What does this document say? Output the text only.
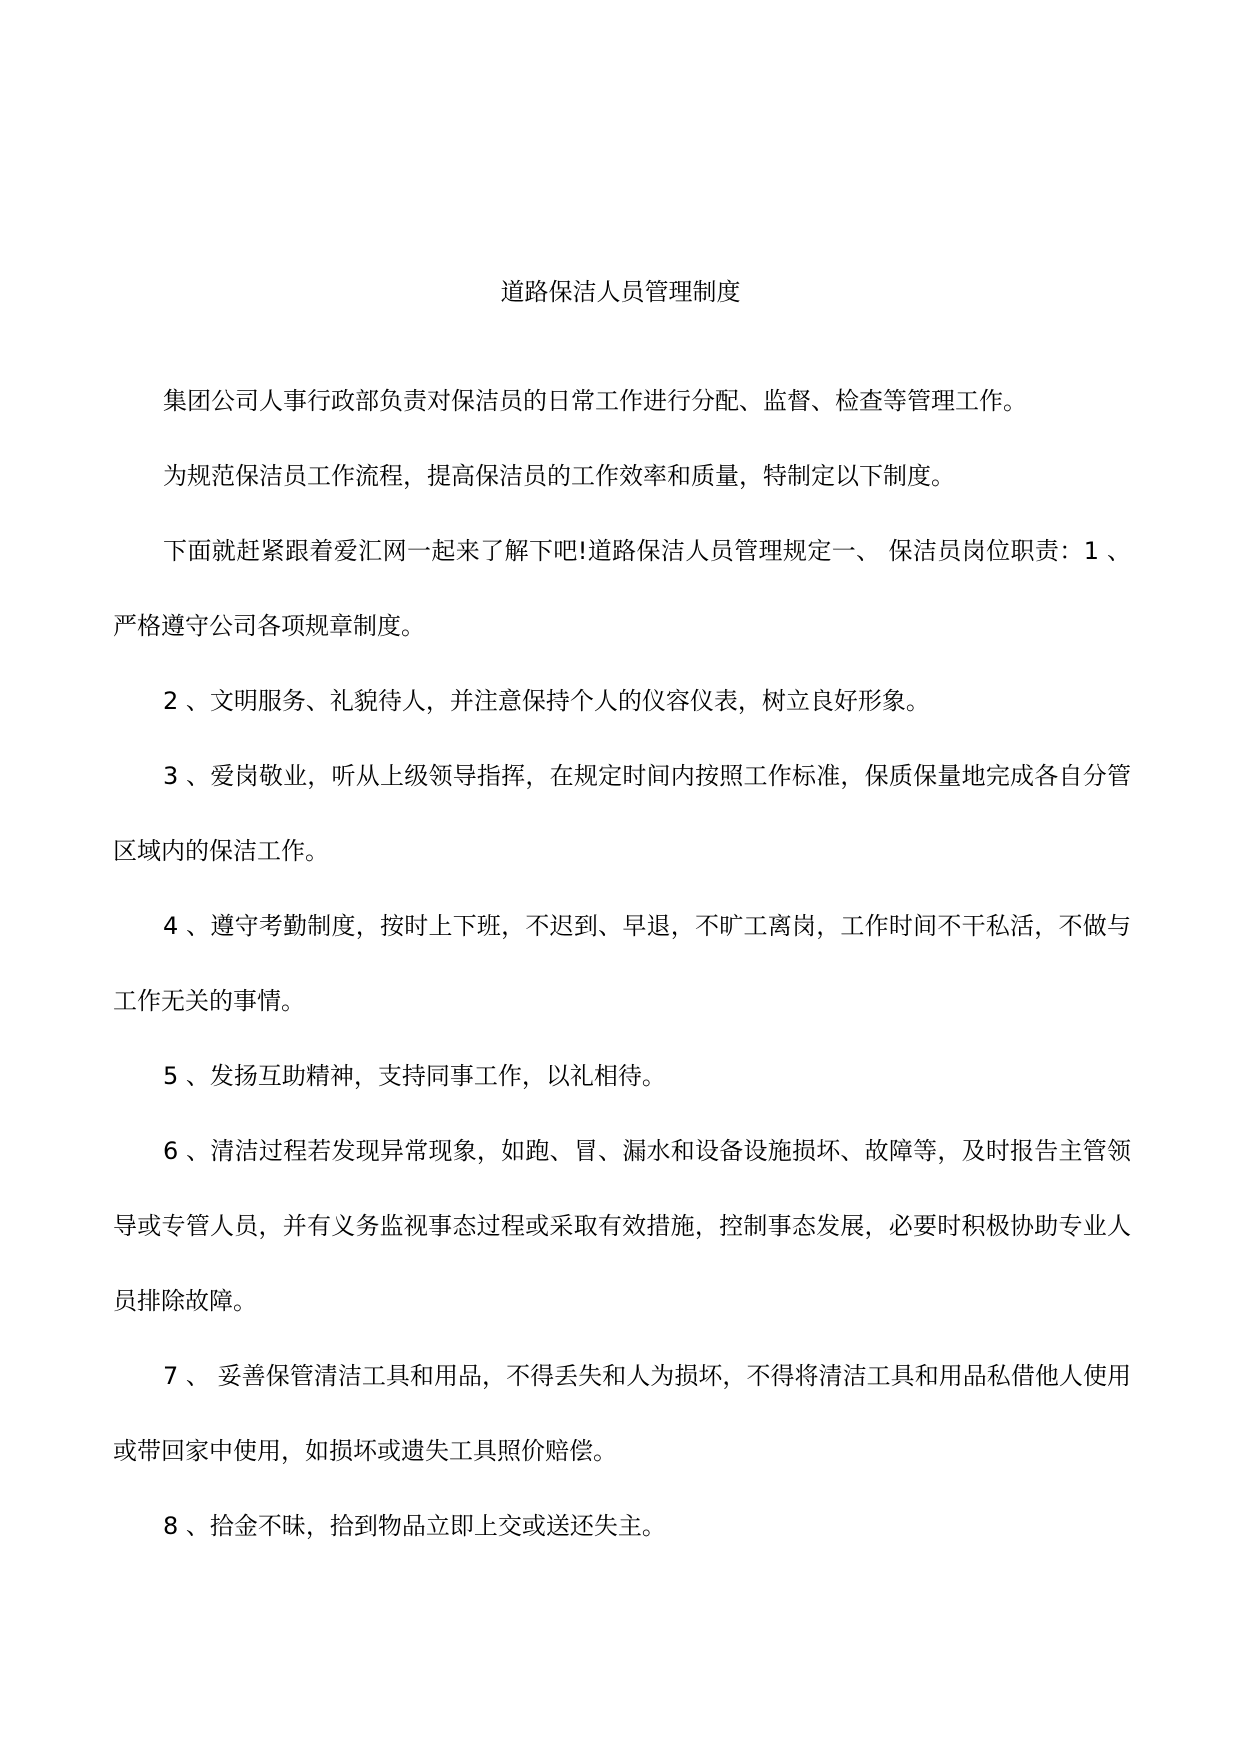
道路保洁人员管理制度

集团公司人事行政部负责对保洁员的日常工作进行分配、监督、检查等管理工作。

为规范保洁员工作流程，提高保洁员的工作效率和质量，特制定以下制度。

下面就赶紧跟着爱汇网一起来了解下吧!道路保洁人员管理规定一、 保洁员岗位职责：1 、严格遵守公司各项规章制度。

2 、文明服务、礼貌待人，并注意保持个人的仪容仪表，树立良好形象。

3 、爱岗敬业，听从上级领导指挥，在规定时间内按照工作标准，保质保量地完成各自分管区域内的保洁工作。

4 、遵守考勤制度，按时上下班，不迟到、早退，不旷工离岗，工作时间不干私活，不做与工作无关的事情。

5 、发扬互助精神，支持同事工作，以礼相待。

6 、清洁过程若发现异常现象，如跑、冒、漏水和设备设施损坏、故障等，及时报告主管领导或专管人员，并有义务监视事态过程或采取有效措施，控制事态发展，必要时积极协助专业人员排除故障。

7 、 妥善保管清洁工具和用品，不得丢失和人为损坏，不得将清洁工具和用品私借他人使用或带回家中使用，如损坏或遗失工具照价赔偿。

8 、拾金不昧，拾到物品立即上交或送还失主。
